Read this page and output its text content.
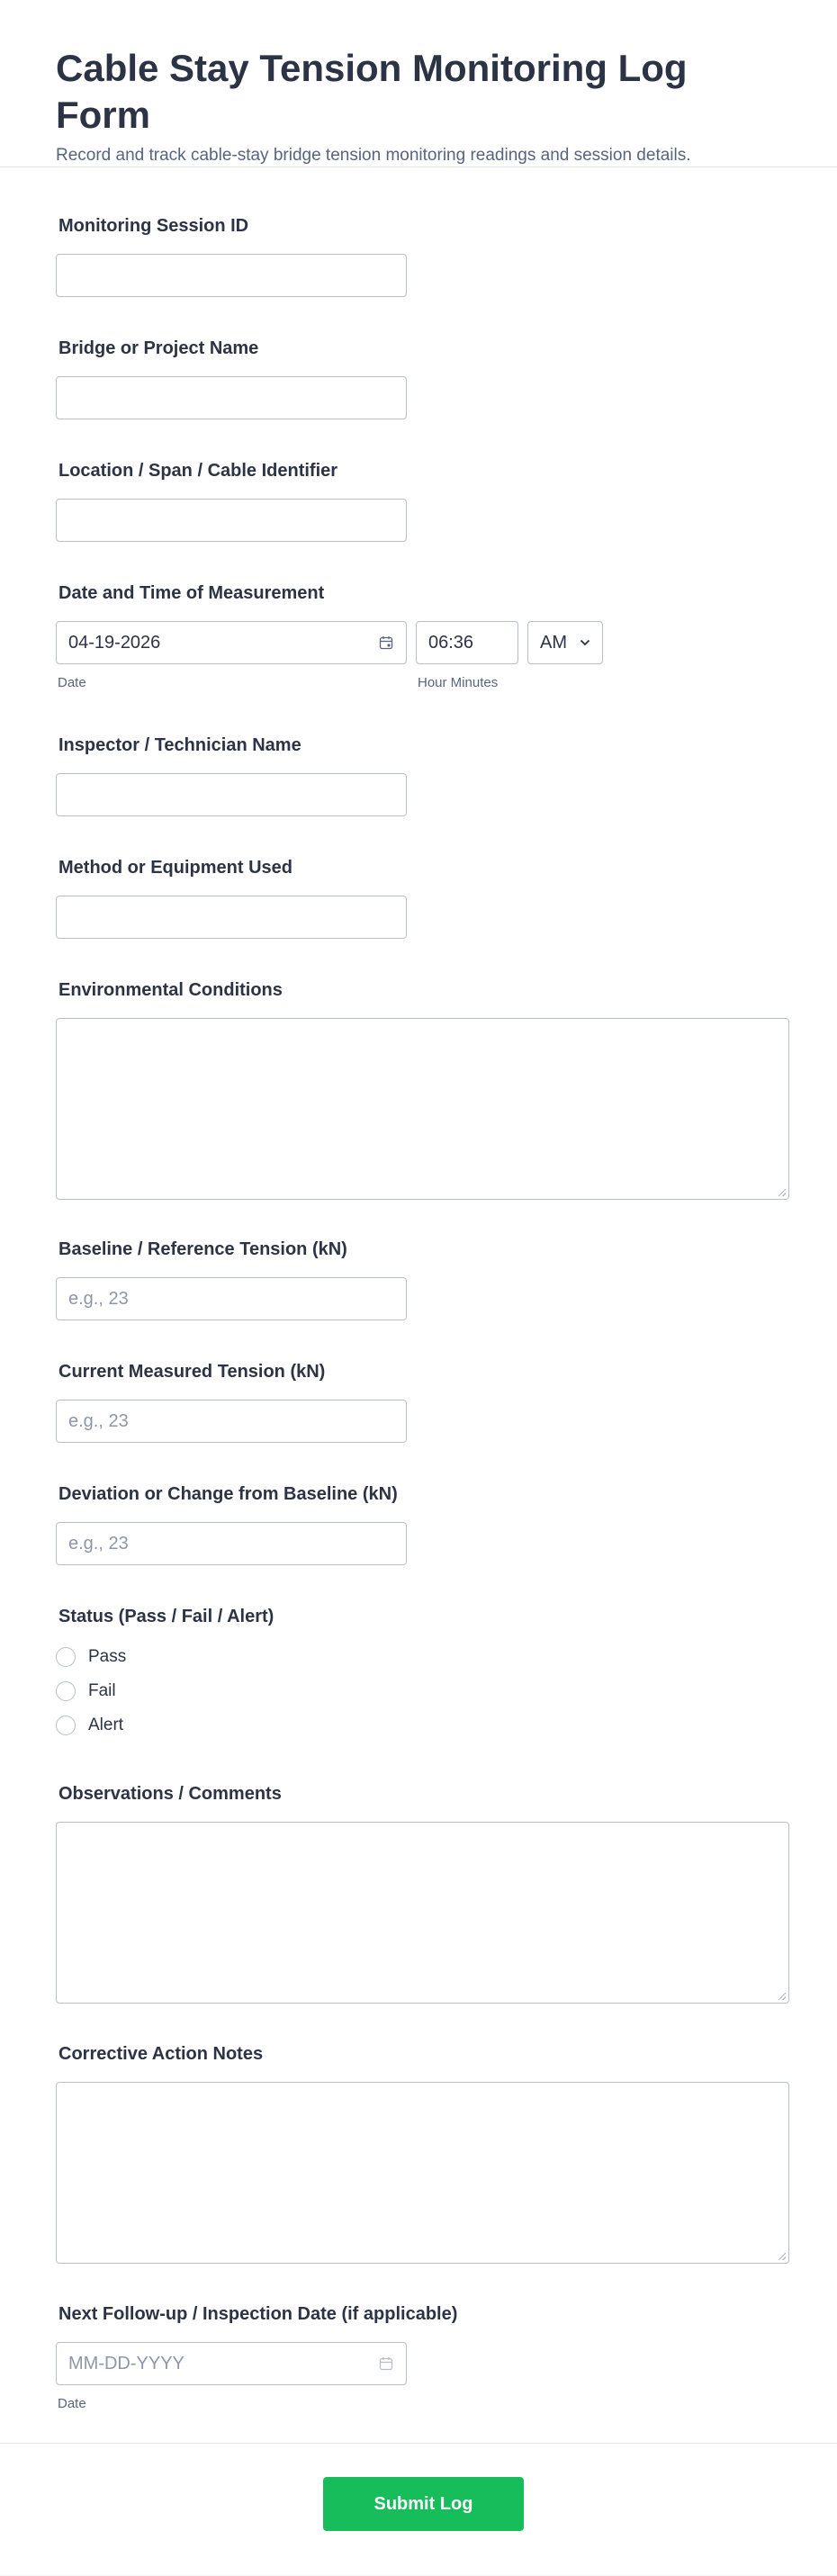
Cable Stay Tension Monitoring Log Form
Record and track cable-stay bridge tension monitoring readings and session details.
Monitoring Session ID
Bridge or Project Name
Location / Span / Cable Identifier
Date and Time of Measurement
04-19-2026
Date
06:36	AM
Hour Minutes
Inspector / Technician Name
Method or Equipment Used
Environmental Conditions
Baseline / Reference Tension (kN)
e.g., 23
Current Measured Tension (kN)
e.g., 23
Deviation or Change from Baseline (kN)
e.g., 23
Status (Pass / Fail / Alert)
Pass
Fail
Alert
Observations / Comments
Corrective Action Notes
Next Follow-up / Inspection Date (if applicable)
MM-DD-YYYY
Date
Submit Log
